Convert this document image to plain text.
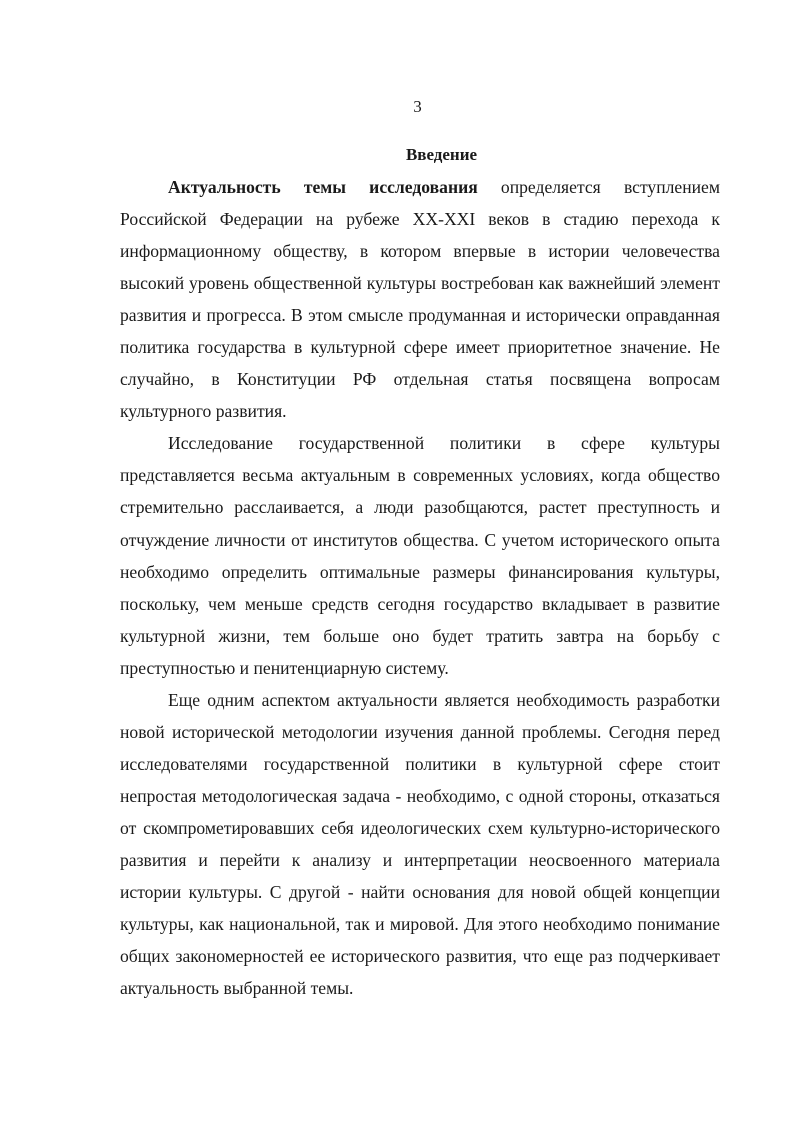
3
Введение

Актуальность темы исследования определяется вступлением Российской Федерации на рубеже XX-XXI веков в стадию перехода к информационному обществу, в котором впервые в истории человечества высокий уровень общественной культуры востребован как важнейший элемент развития и прогресса. В этом смысле продуманная и исторически оправданная политика государства в культурной сфере имеет приоритетное значение. Не случайно, в Конституции РФ отдельная статья посвящена вопросам культурного развития.

Исследование государственной политики в сфере культуры представляется весьма актуальным в современных условиях, когда общество стремительно расслаивается, а люди разобщаются, растет преступность и отчуждение личности от институтов общества. С учетом исторического опыта необходимо определить оптимальные размеры финансирования культуры, поскольку, чем меньше средств сегодня государство вкладывает в развитие культурной жизни, тем больше оно будет тратить завтра на борьбу с преступностью и пенитенциарную систему.

Еще одним аспектом актуальности является необходимость разработки новой исторической методологии изучения данной проблемы. Сегодня перед исследователями государственной политики в культурной сфере стоит непростая методологическая задача - необходимо, с одной стороны, отказаться от скомпрометировавших себя идеологических схем культурно-исторического развития и перейти к анализу и интерпретации неосвоенного материала истории культуры. С другой - найти основания для новой общей концепции культуры, как национальной, так и мировой. Для этого необходимо понимание общих закономерностей ее исторического развития, что еще раз подчеркивает актуальность выбранной темы.
